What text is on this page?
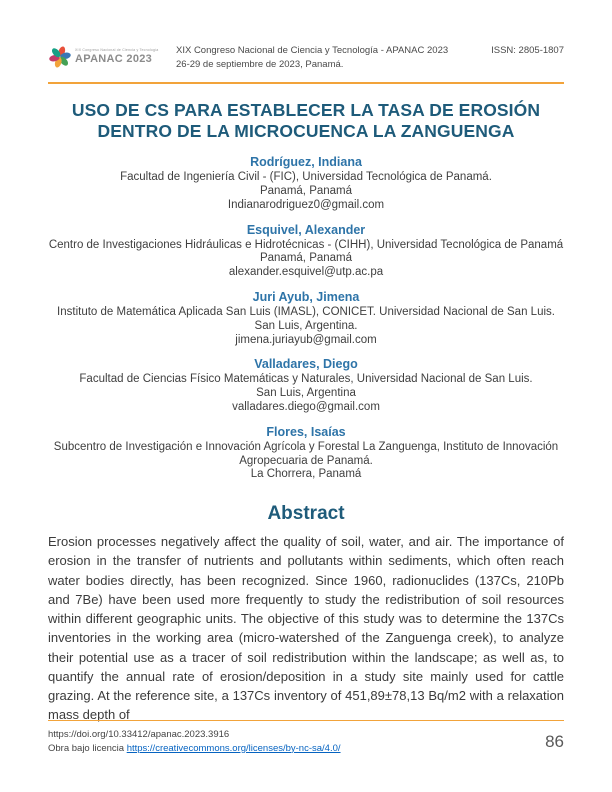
XIX Congreso Nacional de Ciencia y Tecnología
APANAC 2023
XIX Congreso Nacional de Ciencia y Tecnología - APANAC 2023
26-29 de septiembre de 2023, Panamá.
ISSN: 2805-1807
USO DE CS PARA ESTABLECER LA TASA DE EROSIÓN
DENTRO DE LA MICROCUENCA LA ZANGUENGA
Rodríguez, Indiana
Facultad de Ingeniería Civil - (FIC), Universidad Tecnológica de Panamá.
Panamá, Panamá
Indianarodriguez0@gmail.com
Esquivel, Alexander
Centro de Investigaciones Hidráulicas e Hidrotécnicas - (CIHH), Universidad Tecnológica de Panamá
Panamá, Panamá
alexander.esquivel@utp.ac.pa
Juri Ayub, Jimena
Instituto de Matemática Aplicada San Luis (IMASL), CONICET. Universidad Nacional de San Luis.
San Luis, Argentina.
jimena.juriayub@gmail.com
Valladares, Diego
Facultad de Ciencias Físico Matemáticas y Naturales, Universidad Nacional de San Luis.
San Luis, Argentina
valladares.diego@gmail.com
Flores, Isaías
Subcentro de Investigación e Innovación Agrícola y Forestal La Zanguenga, Instituto de Innovación Agropecuaria de Panamá.
La Chorrera, Panamá
Abstract
Erosion processes negatively affect the quality of soil, water, and air. The importance of erosion in the transfer of nutrients and pollutants within sediments, which often reach water bodies directly, has been recognized. Since 1960, radionuclides (137Cs, 210Pb and 7Be) have been used more frequently to study the redistribution of soil resources within different geographic units. The objective of this study was to determine the 137Cs inventories in the working area (micro-watershed of the Zanguenga creek), to analyze their potential use as a tracer of soil redistribution within the landscape; as well as, to quantify the annual rate of erosion/deposition in a study site mainly used for cattle grazing. At the reference site, a 137Cs inventory of 451,89±78,13 Bq/m2 with a relaxation mass depth of
https://doi.org/10.33412/apanac.2023.3916
Obra bajo licencia https://creativecommons.org/licenses/by-nc-sa/4.0/	86
